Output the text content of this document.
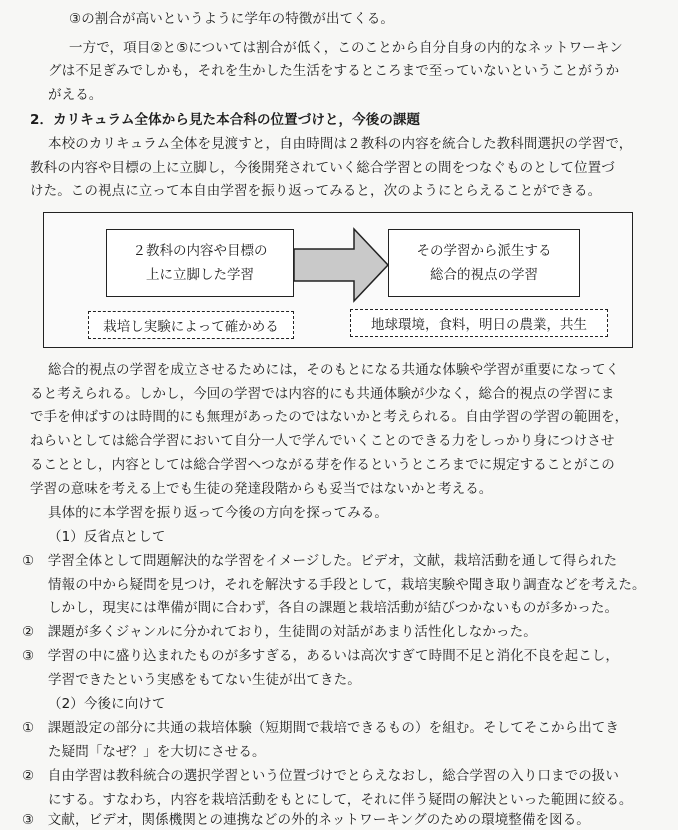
③の割合が高いというように学年の特徴が出てくる。
一方で，項目②と⑤については割合が低く，このことから自分自身の内的なネットワーキン
グは不足ぎみでしかも，それを生かした生活をするところまで至っていないということがうか
がえる。
2．カリキュラム全体から見た本合科の位置づけと，今後の課題
本校のカリキュラム全体を見渡すと，自由時間は２教科の内容を統合した教科間選択の学習で，
教科の内容や目標の上に立脚し，今後開発されていく総合学習との間をつなぐものとして位置づ
けた。この視点に立って本自由学習を振り返ってみると，次のようにとらえることができる。
２教科の内容や目標の
上に立脚した学習
その学習から派生する
総合的視点の学習
栽培し実験によって確かめる	地球環境，食料，明日の農業，共生
総合的視点の学習を成立させるためには，そのもとになる共通な体験や学習が重要になってく
ると考えられる。しかし，今回の学習では内容的にも共通体験が少なく，総合的視点の学習にま
で手を伸ばすのは時間的にも無理があったのではないかと考えられる。自由学習の学習の範囲を，
ねらいとしては総合学習において自分一人で学んでいくことのできる力をしっかり身につけさせ
ることとし，内容としては総合学習へつながる芽を作るというところまでに規定することがこの
学習の意味を考える上でも生徒の発達段階からも妥当ではないかと考える。
具体的に本学習を振り返って今後の方向を探ってみる。
（1）反省点として
①　学習全体として問題解決的な学習をイメージした。ビデオ，文献，栽培活動を通して得られた
情報の中から疑問を見つけ，それを解決する手段として，栽培実験や聞き取り調査などを考えた。
しかし，現実には準備が間に合わず，各自の課題と栽培活動が結びつかないものが多かった。
②　課題が多くジャンルに分かれており，生徒間の対話があまり活性化しなかった。
③　学習の中に盛り込まれたものが多すぎる，あるいは高次すぎて時間不足と消化不良を起こし，
学習できたという実感をもてない生徒が出てきた。
（2）今後に向けて
①　課題設定の部分に共通の栽培体験（短期間で栽培できるもの）を組む。そしてそこから出てき
た疑問「なぜ？」を大切にさせる。
②　自由学習は教科統合の選択学習という位置づけでとらえなおし，総合学習の入り口までの扱い
にする。すなわち，内容を栽培活動をもとにして，それに伴う疑問の解決といった範囲に絞る。
③　文献，ビデオ，関係機関との連携などの外的ネットワーキングのための環境整備を図る。
